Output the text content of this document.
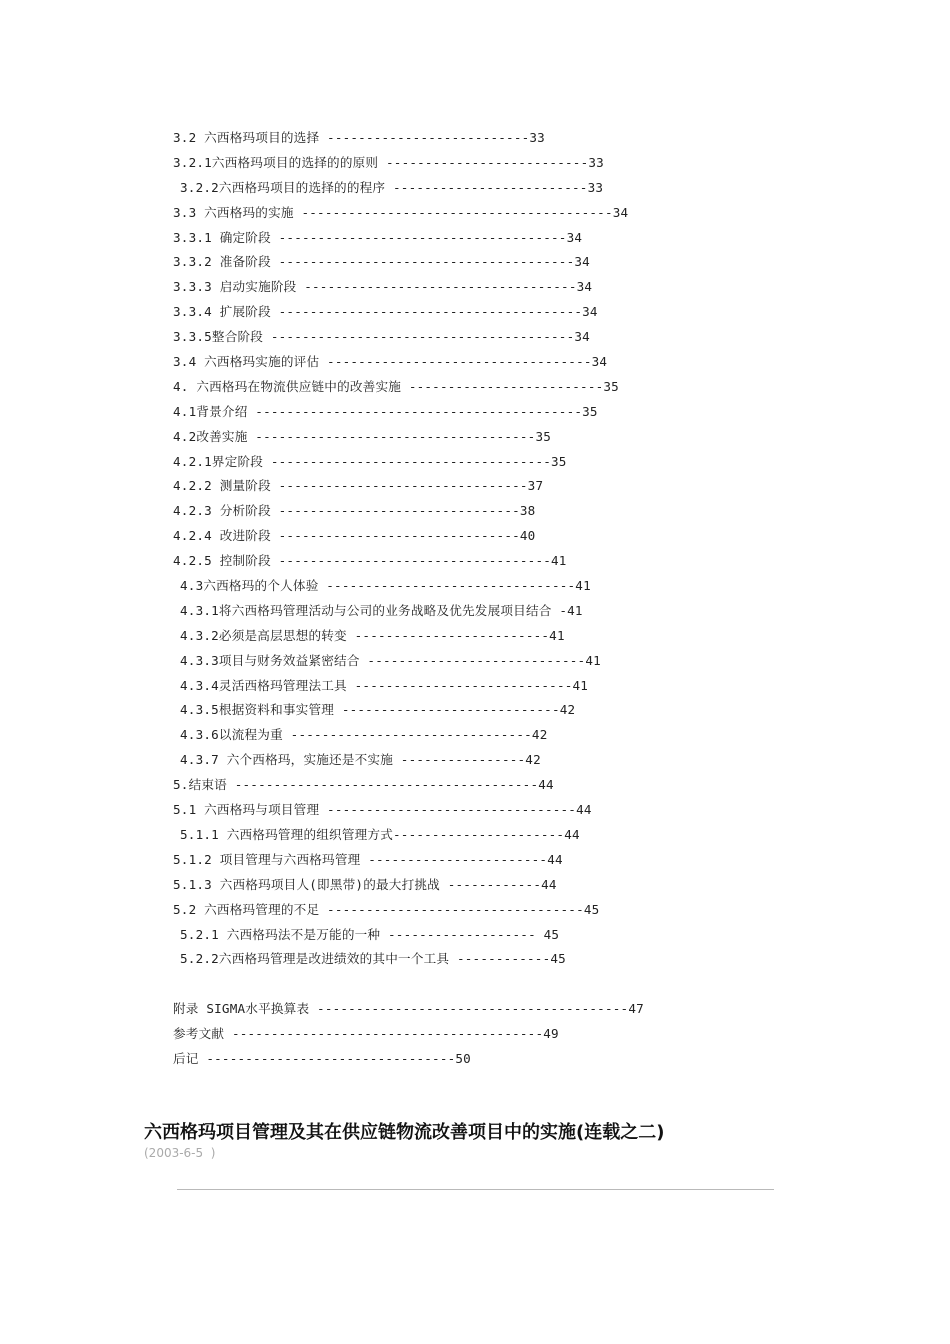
3.2 六西格玛项目的选择 --------------------------33
3.2.1六西格玛项目的选择的的原则 --------------------------33
3.2.2六西格玛项目的选择的的程序 -------------------------33
3.3 六西格玛的实施 ----------------------------------------34
3.3.1 确定阶段 -------------------------------------34
3.3.2 准备阶段 --------------------------------------34
3.3.3 启动实施阶段 -----------------------------------34
3.3.4 扩展阶段 ---------------------------------------34
3.3.5整合阶段 ---------------------------------------34
3.4 六西格玛实施的评估 ----------------------------------34
4. 六西格玛在物流供应链中的改善实施 -------------------------35
4.1背景介绍 ------------------------------------------35
4.2改善实施 ------------------------------------35
4.2.1界定阶段 ------------------------------------35
4.2.2 测量阶段 --------------------------------37
4.2.3 分析阶段 -------------------------------38
4.2.4 改进阶段 -------------------------------40
4.2.5 控制阶段 -----------------------------------41
4.3六西格玛的个人体验 --------------------------------41
4.3.1将六西格玛管理活动与公司的业务战略及优先发展项目结合 -41
4.3.2必须是高层思想的转变 -------------------------41
4.3.3项目与财务效益紧密结合 ----------------------------41
4.3.4灵活西格玛管理法工具 ----------------------------41
4.3.5根据资料和事实管理 ----------------------------42
4.3.6以流程为重 -------------------------------42
4.3.7 六个西格玛，实施还是不实施 ----------------42
5.结束语 ---------------------------------------44
5.1 六西格玛与项目管理 --------------------------------44
5.1.1 六西格玛管理的组织管理方式----------------------44
5.1.2 项目管理与六西格玛管理 -----------------------44
5.1.3 六西格玛项目人(即黑带)的最大打挑战 ------------44
5.2 六西格玛管理的不足 ---------------------------------45
5.2.1 六西格玛法不是万能的一种 ------------------- 45
5.2.2六西格玛管理是改进绩效的其中一个工具 ------------45
附录 SIGMA水平换算表 ----------------------------------------47
参考文献 ----------------------------------------49
后记 --------------------------------50
六西格玛项目管理及其在供应链物流改善项目中的实施(连载之二)
(2003-6-5  )
